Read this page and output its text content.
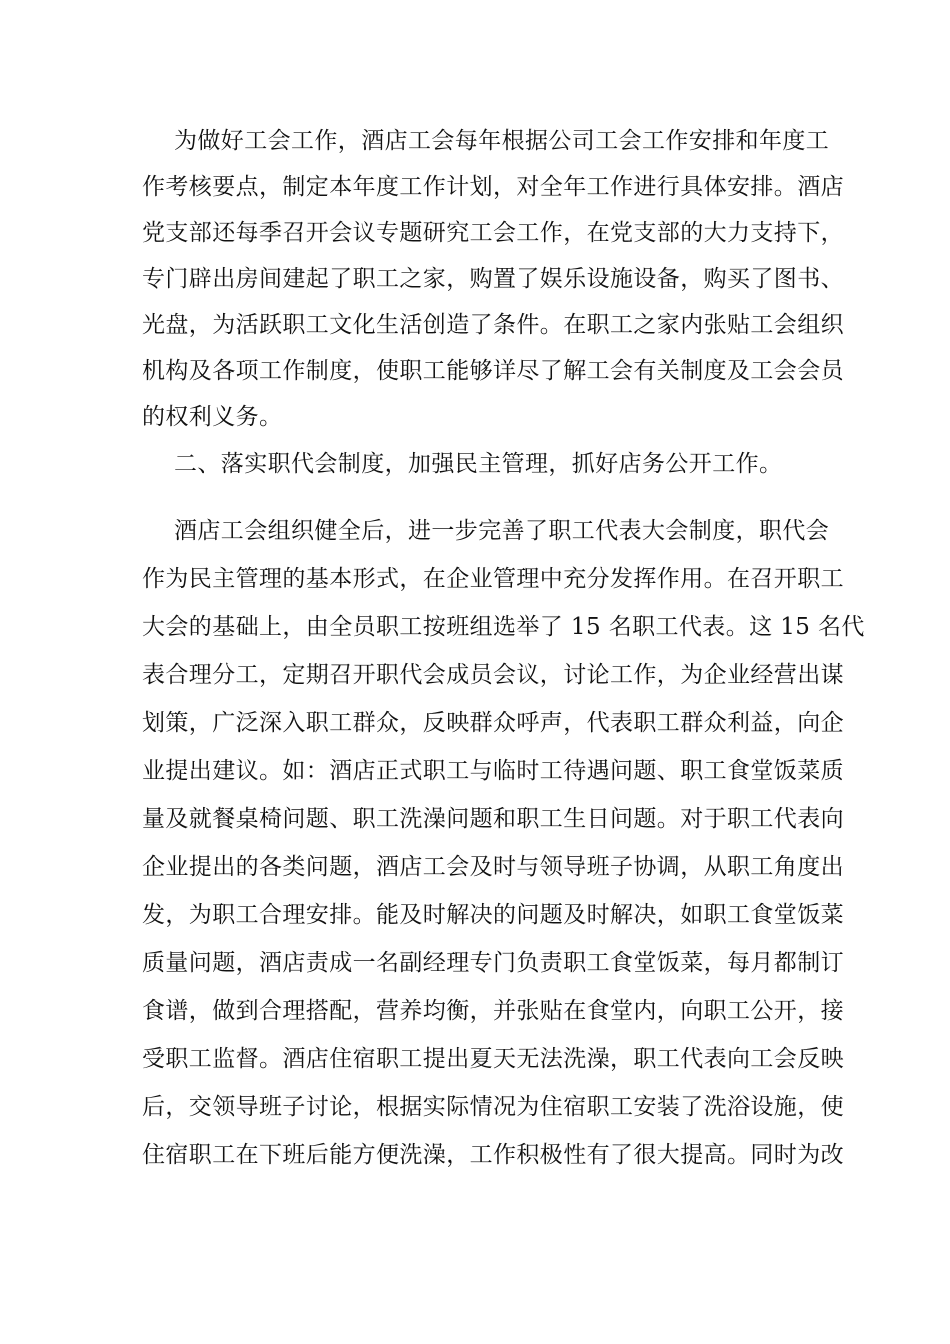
为做好工会工作，酒店工会每年根据公司工会工作安排和年度工
作考核要点，制定本年度工作计划，对全年工作进行具体安排。酒店
党支部还每季召开会议专题研究工会工作，在党支部的大力支持下，
专门辟出房间建起了职工之家，购置了娱乐设施设备，购买了图书、
光盘，为活跃职工文化生活创造了条件。在职工之家内张贴工会组织
机构及各项工作制度，使职工能够详尽了解工会有关制度及工会会员
的权利义务。
二、落实职代会制度，加强民主管理，抓好店务公开工作。
酒店工会组织健全后，进一步完善了职工代表大会制度，职代会
作为民主管理的基本形式，在企业管理中充分发挥作用。在召开职工
大会的基础上，由全员职工按班组选举了 15 名职工代表。这 15 名代
表合理分工，定期召开职代会成员会议，讨论工作，为企业经营出谋
划策，广泛深入职工群众，反映群众呼声，代表职工群众利益，向企
业提出建议。如：酒店正式职工与临时工待遇问题、职工食堂饭菜质
量及就餐桌椅问题、职工洗澡问题和职工生日问题。对于职工代表向
企业提出的各类问题，酒店工会及时与领导班子协调，从职工角度出
发，为职工合理安排。能及时解决的问题及时解决，如职工食堂饭菜
质量问题，酒店责成一名副经理专门负责职工食堂饭菜，每月都制订
食谱，做到合理搭配，营养均衡，并张贴在食堂内，向职工公开，接
受职工监督。酒店住宿职工提出夏天无法洗澡，职工代表向工会反映
后，交领导班子讨论，根据实际情况为住宿职工安装了洗浴设施，使
住宿职工在下班后能方便洗澡，工作积极性有了很大提高。同时为改
